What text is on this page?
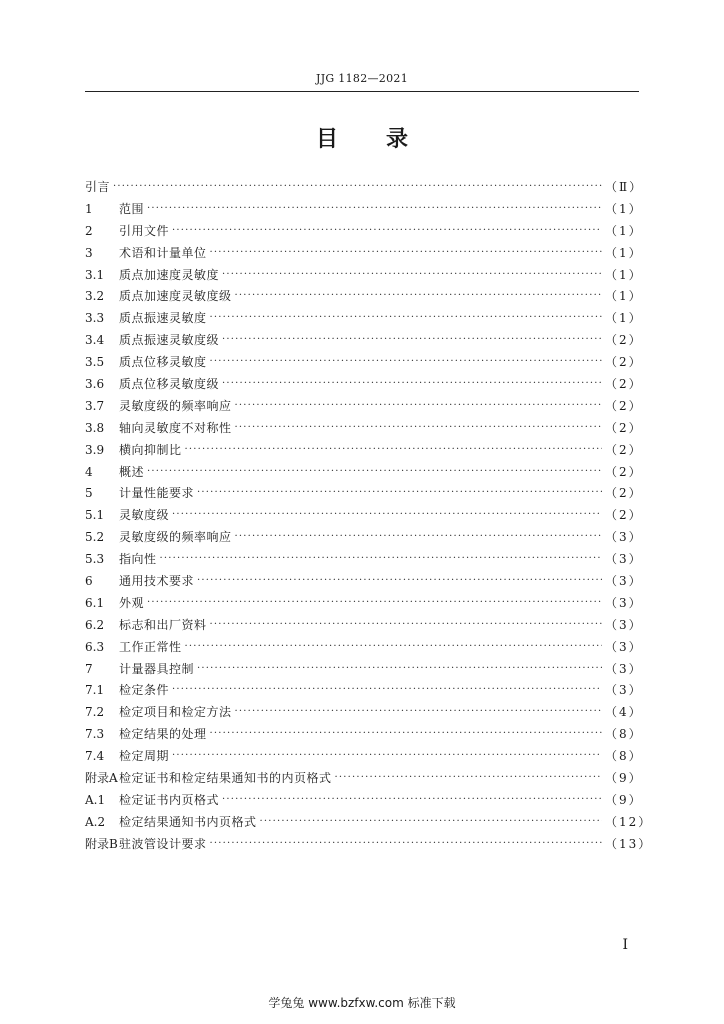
JJG 1182—2021
目录
引言 ·····	（Ⅱ）
1	范围 ·····	（1）
2	引用文件 ·····	（1）
3	术语和计量单位 ·····	（1）
3.1	质点加速度灵敏度 ·····	（1）
3.2	质点加速度灵敏度级 ·····	（1）
3.3	质点振速灵敏度 ·····	（1）
3.4	质点振速灵敏度级 ·····	（2）
3.5	质点位移灵敏度 ·····	（2）
3.6	质点位移灵敏度级 ·····	（2）
3.7	灵敏度级的频率响应 ·····	（2）
3.8	轴向灵敏度不对称性 ·····	（2）
3.9	横向抑制比 ·····	（2）
4	概述 ·····	（2）
5	计量性能要求 ·····	（2）
5.1	灵敏度级 ·····	（2）
5.2	灵敏度级的频率响应 ·····	（3）
5.3	指向性 ·····	（3）
6	通用技术要求 ·····	（3）
6.1	外观 ·····	（3）
6.2	标志和出厂资料 ·····	（3）
6.3	工作正常性 ·····	（3）
7	计量器具控制 ·····	（3）
7.1	检定条件 ·····	（3）
7.2	检定项目和检定方法 ·····	（4）
7.3	检定结果的处理 ·····	（8）
7.4	检定周期 ·····	（8）
附录A 检定证书和检定结果通知书的内页格式 ·····	（9）
A.1	检定证书内页格式 ·····	（9）
A.2	检定结果通知书内页格式 ·····	（12）
附录B 驻波管设计要求 ·····	（13）
I
学兔兔 www.bzfxw.com 标准下载
